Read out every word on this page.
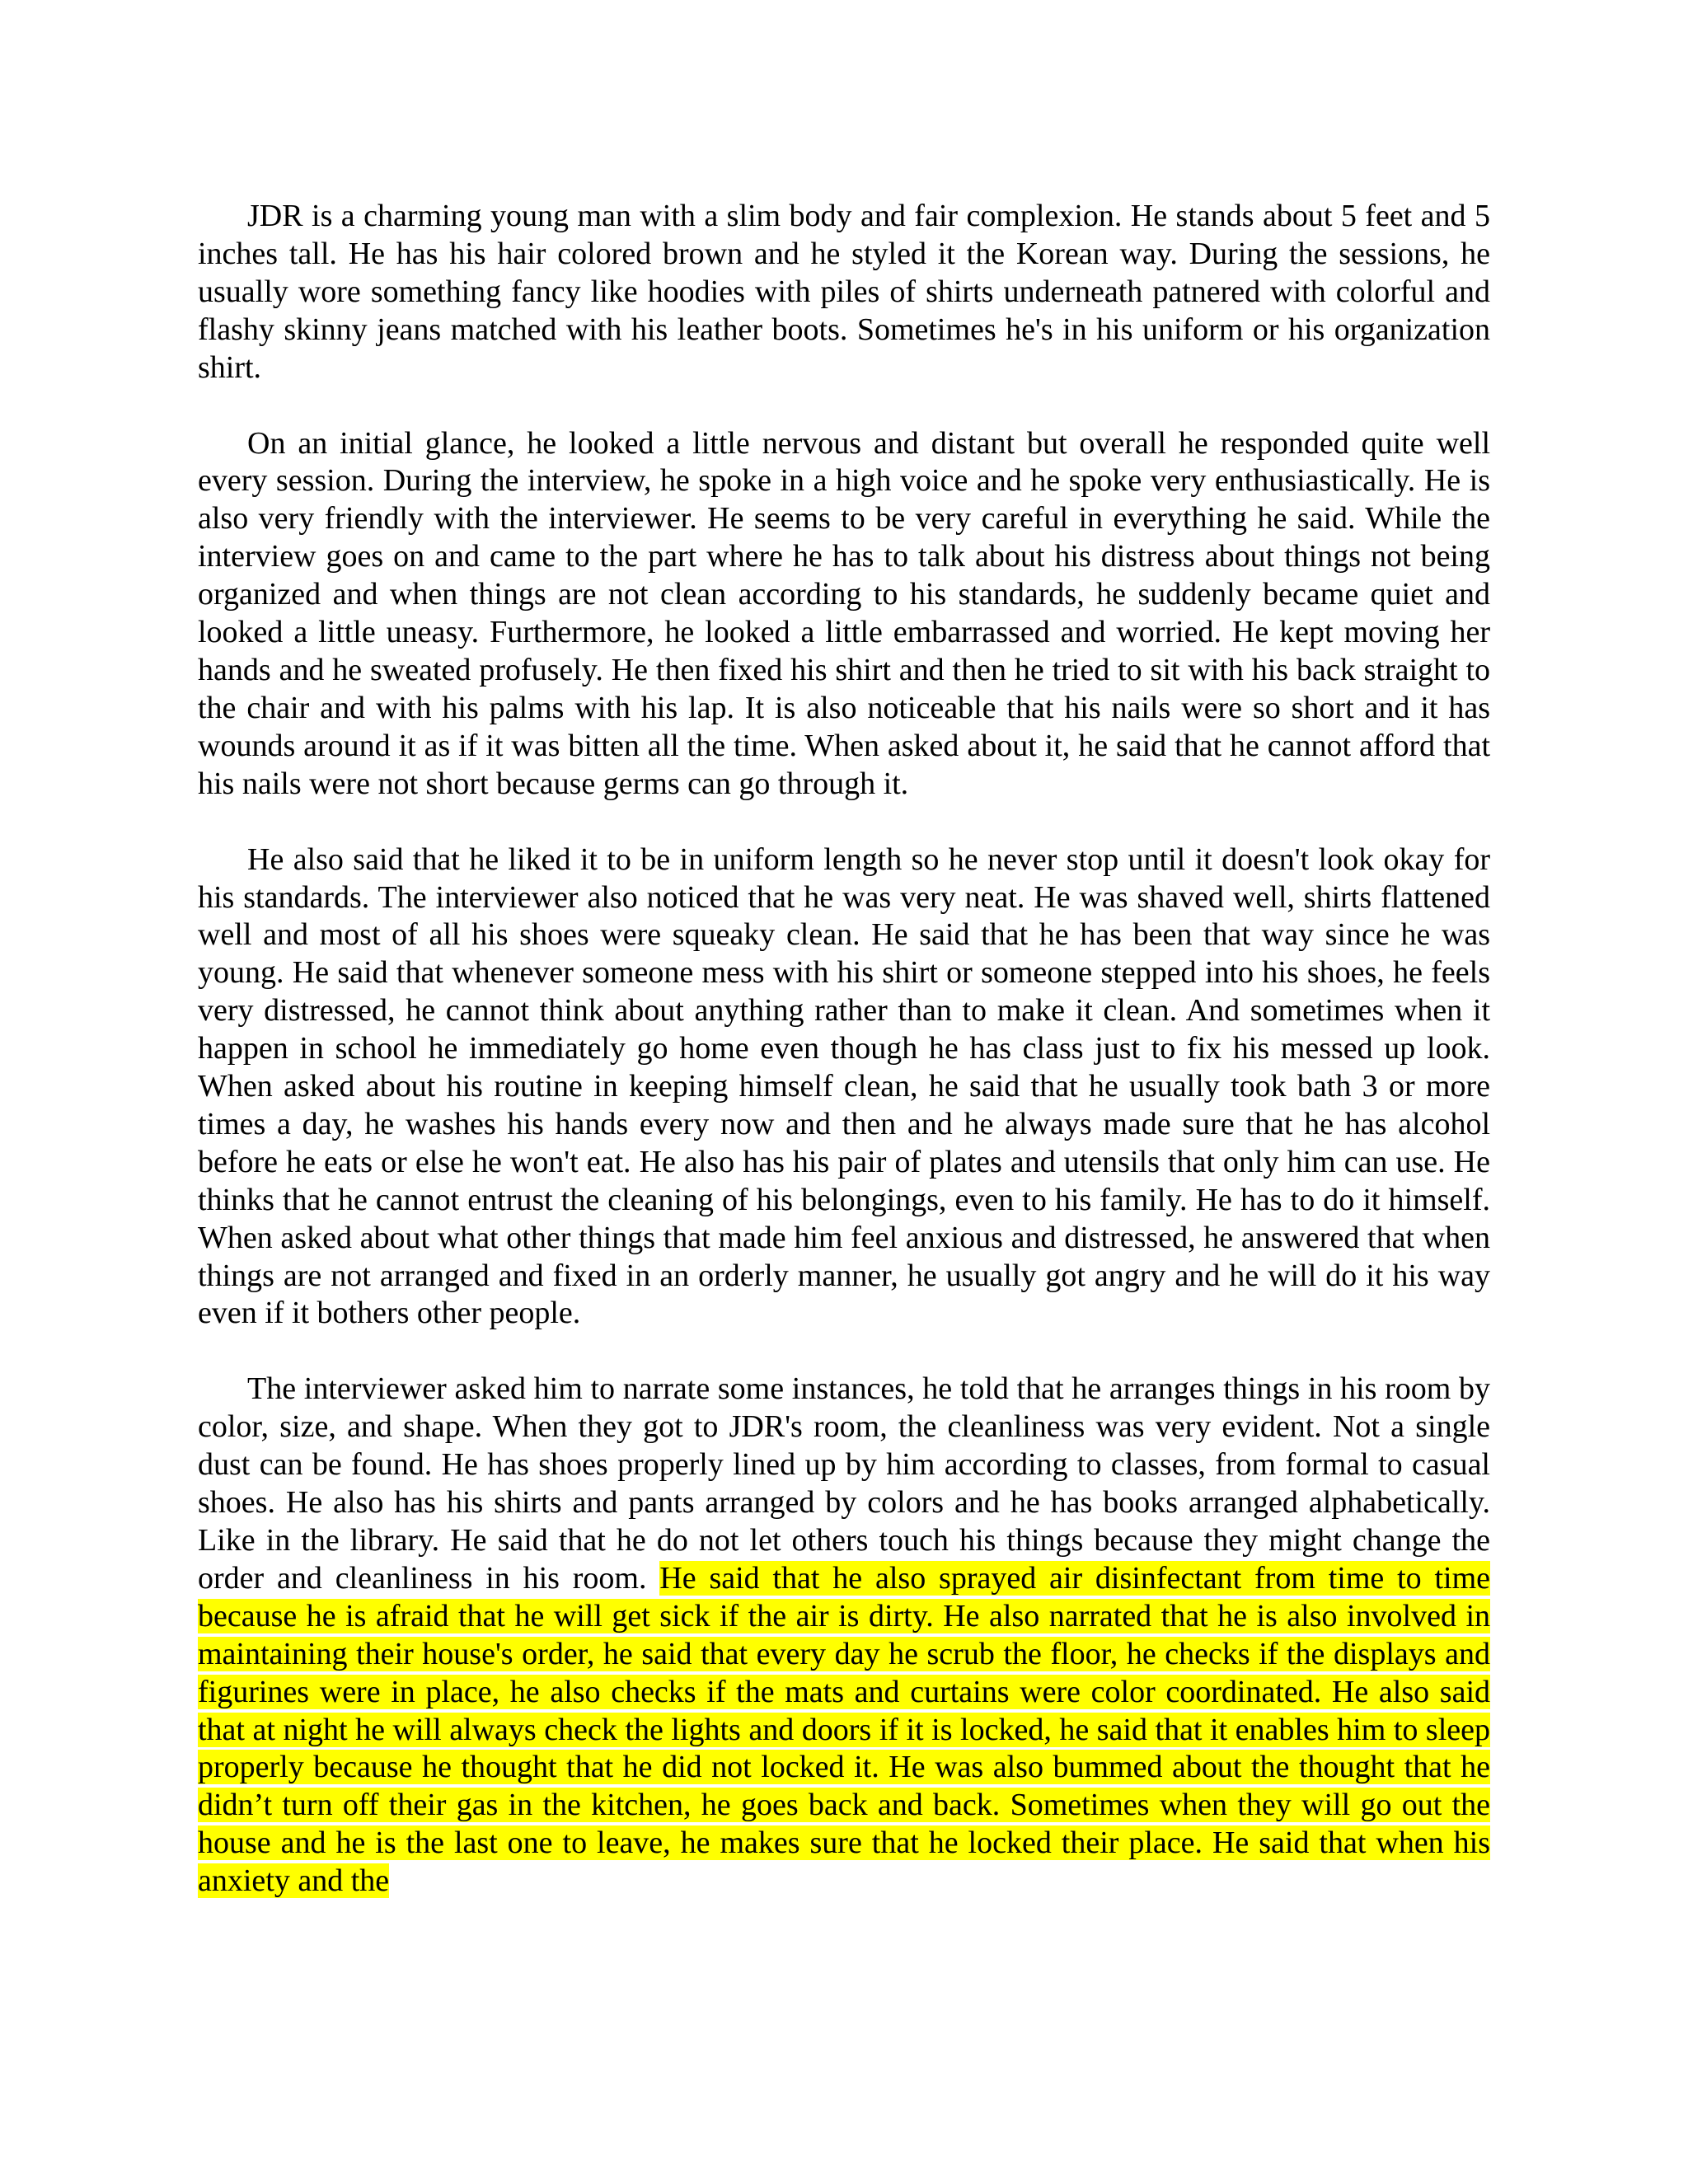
JDR is a charming young man with a slim body and fair complexion. He stands about 5 feet and 5 inches tall. He has his hair colored brown and he styled it the Korean way. During the sessions, he usually wore something fancy like hoodies with piles of shirts underneath patnered with colorful and flashy skinny jeans matched with his leather boots. Sometimes he's in his uniform or his organization shirt.

On an initial glance, he looked a little nervous and distant but overall he responded quite well every session. During the interview, he spoke in a high voice and he spoke very enthusiastically. He is also very friendly with the interviewer. He seems to be very careful in everything he said. While the interview goes on and came to the part where he has to talk about his distress about things not being organized and when things are not clean according to his standards, he suddenly became quiet and looked a little uneasy. Furthermore, he looked a little embarrassed and worried. He kept moving her hands and he sweated profusely. He then fixed his shirt and then he tried to sit with his back straight to the chair and with his palms with his lap. It is also noticeable that his nails were so short and it has wounds around it as if it was bitten all the time. When asked about it, he said that he cannot afford that his nails were not short because germs can go through it.

He also said that he liked it to be in uniform length so he never stop until it doesn't look okay for his standards. The interviewer also noticed that he was very neat. He was shaved well, shirts flattened well and most of all his shoes were squeaky clean. He said that he has been that way since he was young. He said that whenever someone mess with his shirt or someone stepped into his shoes, he feels very distressed, he cannot think about anything rather than to make it clean. And sometimes when it happen in school he immediately go home even though he has class just to fix his messed up look. When asked about his routine in keeping himself clean, he said that he usually took bath 3 or more times a day, he washes his hands every now and then and he always made sure that he has alcohol before he eats or else he won't eat. He also has his pair of plates and utensils that only him can use. He thinks that he cannot entrust the cleaning of his belongings, even to his family. He has to do it himself. When asked about what other things that made him feel anxious and distressed, he answered that when things are not arranged and fixed in an orderly manner, he usually got angry and he will do it his way even if it bothers other people.

The interviewer asked him to narrate some instances, he told that he arranges things in his room by color, size, and shape. When they got to JDR's room, the cleanliness was very evident. Not a single dust can be found. He has shoes properly lined up by him according to classes, from formal to casual shoes. He also has his shirts and pants arranged by colors and he has books arranged alphabetically. Like in the library. He said that he do not let others touch his things because they might change the order and cleanliness in his room. He said that he also sprayed air disinfectant from time to time because he is afraid that he will get sick if the air is dirty. He also narrated that he is also involved in maintaining their house's order, he said that every day he scrub the floor, he checks if the displays and figurines were in place, he also checks if the mats and curtains were color coordinated. He also said that at night he will always check the lights and doors if it is locked, he said that it enables him to sleep properly because he thought that he did not locked it. He was also bummed about the thought that he didn’t turn off their gas in the kitchen, he goes back and back. Sometimes when they will go out the house and he is the last one to leave, he makes sure that he locked their place. He said that when his anxiety and the
